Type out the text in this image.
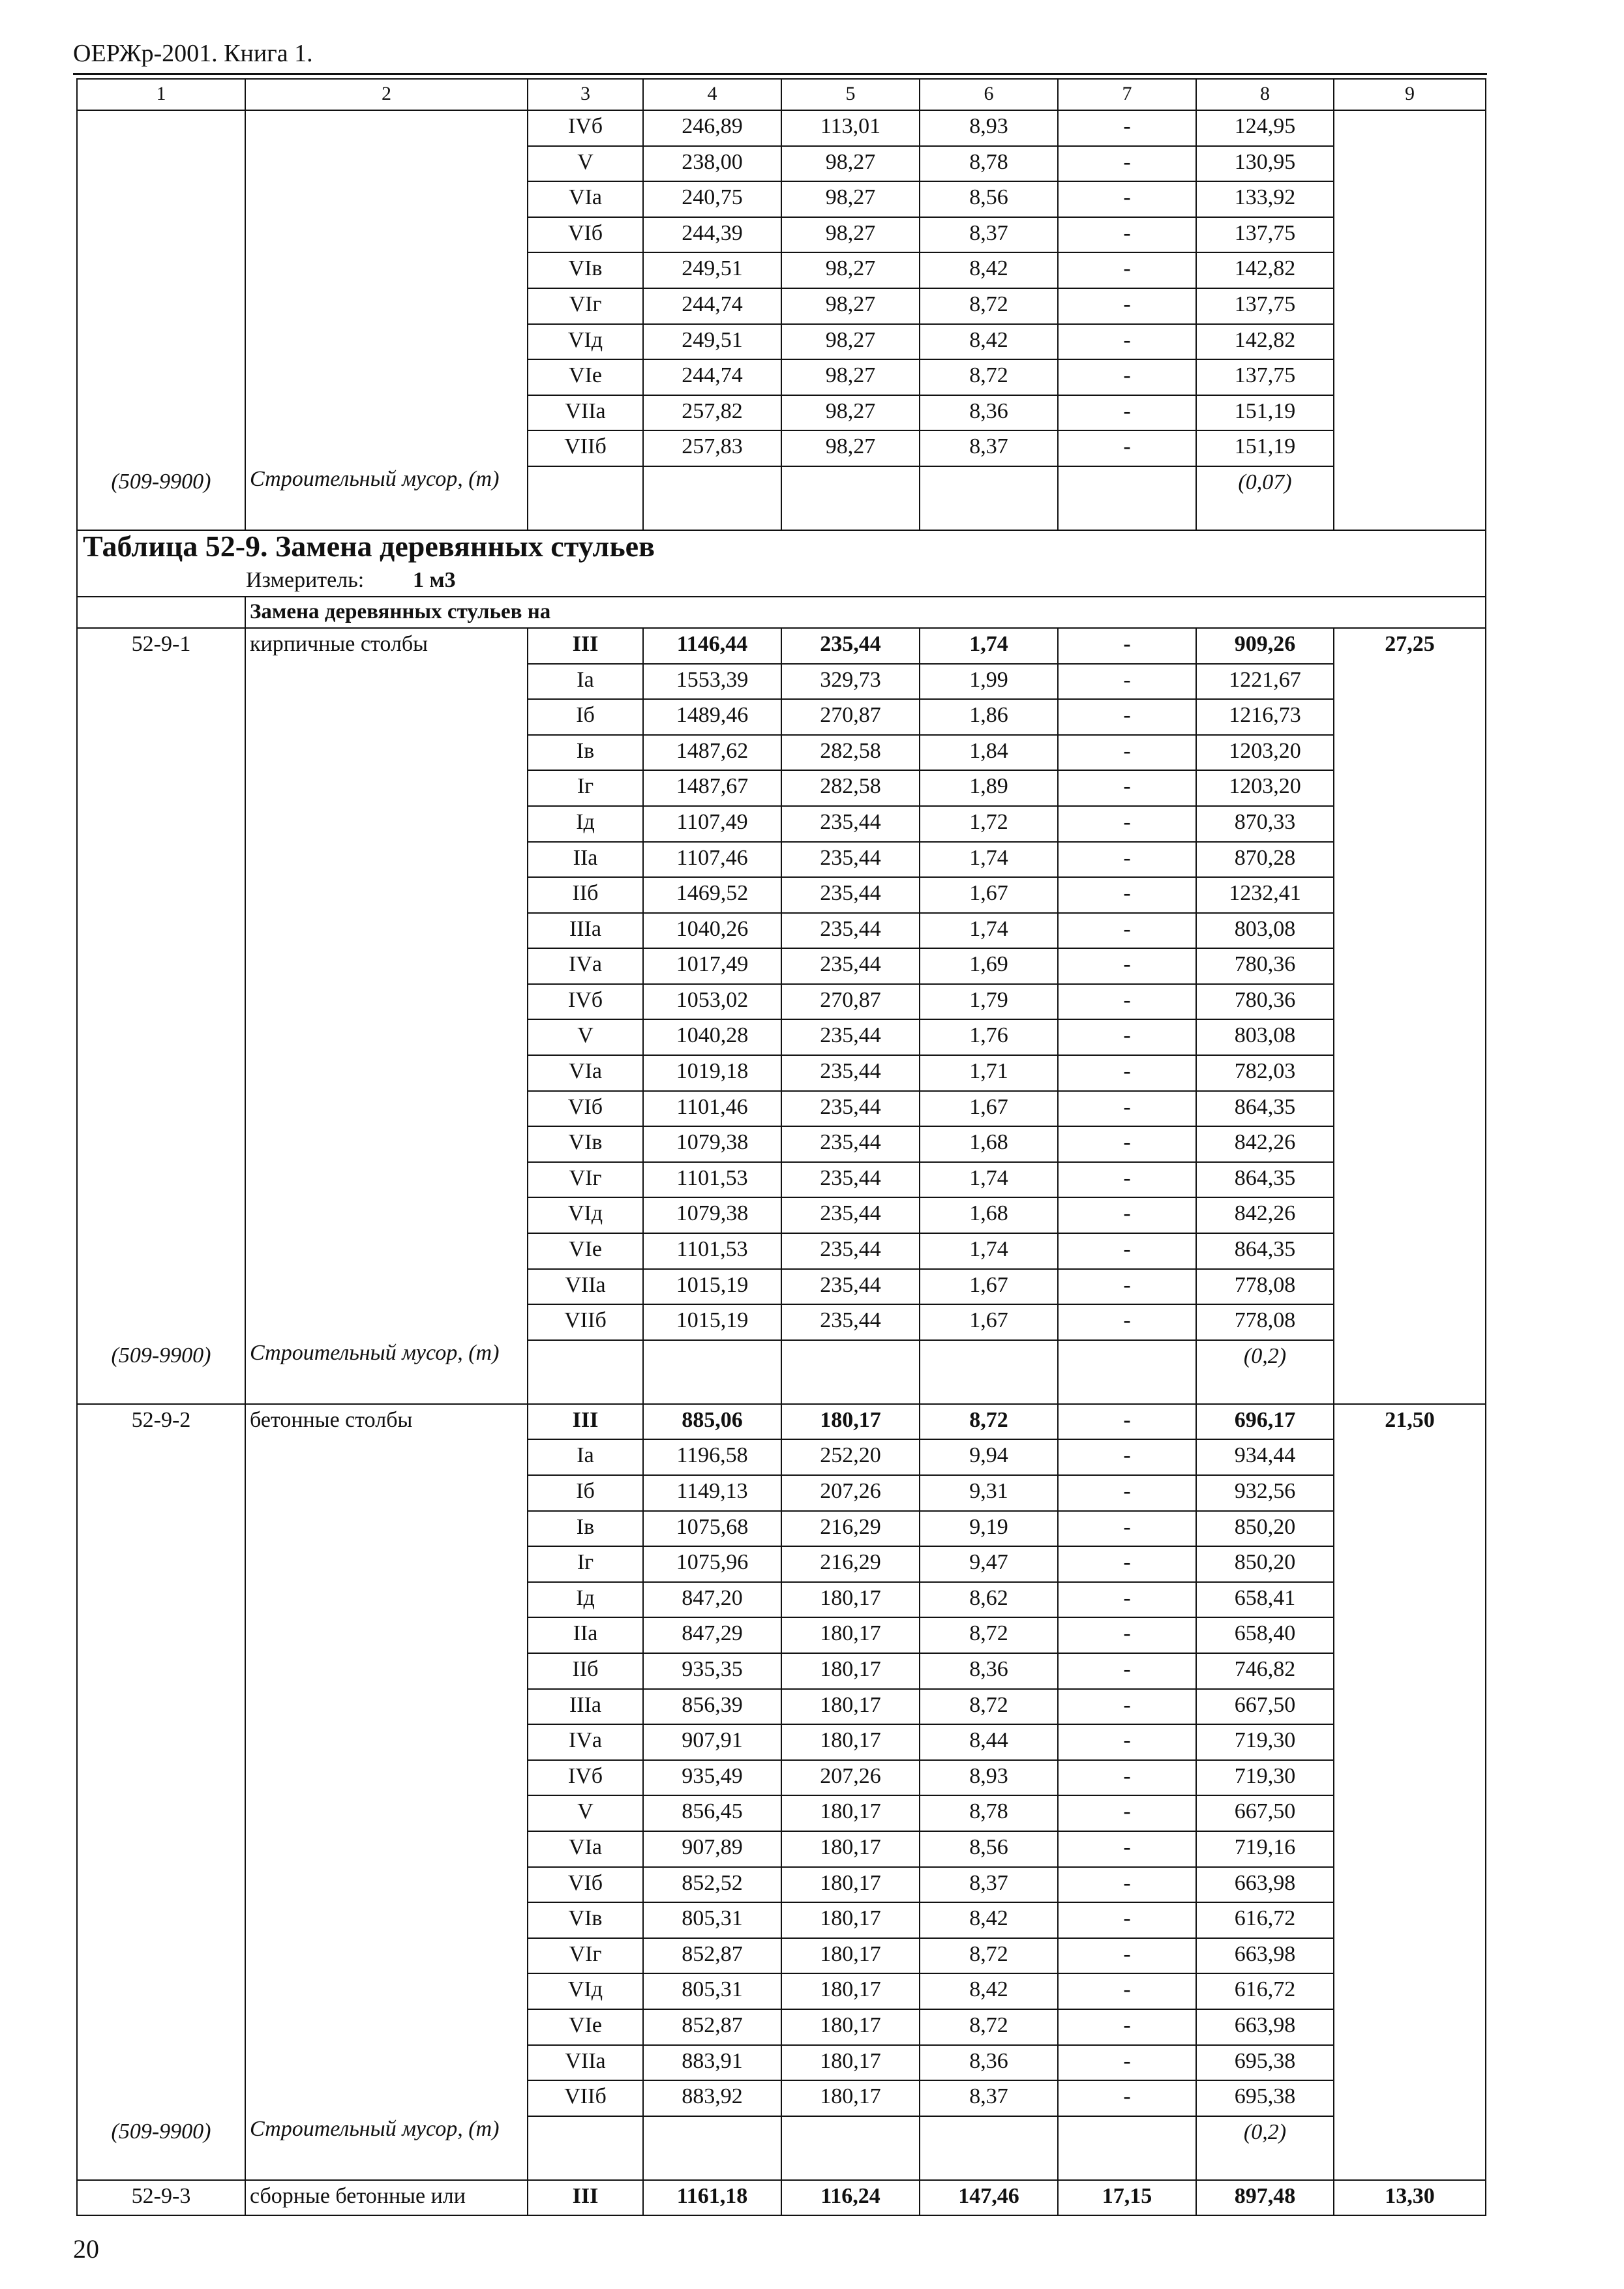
ОЕРЖр-2001. Книга 1.
1	2	3	4	5	6	7	8	9
		IVб	246,89	113,01	8,93	-	124,95	
		V	238,00	98,27	8,78	-	130,95	
		VIа	240,75	98,27	8,56	-	133,92	
		VIб	244,39	98,27	8,37	-	137,75	
		VIв	249,51	98,27	8,42	-	142,82	
		VIг	244,74	98,27	8,72	-	137,75	
		VIд	249,51	98,27	8,42	-	142,82	
		VIе	244,74	98,27	8,72	-	137,75	
		VIIа	257,82	98,27	8,36	-	151,19	
		VIIб	257,83	98,27	8,37	-	151,19	
(509-9900)	Строительный мусор, (т)						(0,07)	
Таблица 52-9. Замена деревянных стульев								
Измеритель: 1 м3								
	Замена деревянных стульев на							
52-9-1	кирпичные столбы	III	1146,44	235,44	1,74	-	909,26	27,25
		Iа	1553,39	329,73	1,99	-	1221,67	
		Iб	1489,46	270,87	1,86	-	1216,73	
		Iв	1487,62	282,58	1,84	-	1203,20	
		Iг	1487,67	282,58	1,89	-	1203,20	
		Iд	1107,49	235,44	1,72	-	870,33	
		IIа	1107,46	235,44	1,74	-	870,28	
		IIб	1469,52	235,44	1,67	-	1232,41	
		IIIа	1040,26	235,44	1,74	-	803,08	
		IVа	1017,49	235,44	1,69	-	780,36	
		IVб	1053,02	270,87	1,79	-	780,36	
		V	1040,28	235,44	1,76	-	803,08	
		VIа	1019,18	235,44	1,71	-	782,03	
		VIб	1101,46	235,44	1,67	-	864,35	
		VIв	1079,38	235,44	1,68	-	842,26	
		VIг	1101,53	235,44	1,74	-	864,35	
		VIд	1079,38	235,44	1,68	-	842,26	
		VIе	1101,53	235,44	1,74	-	864,35	
		VIIа	1015,19	235,44	1,67	-	778,08	
		VIIб	1015,19	235,44	1,67	-	778,08	
(509-9900)	Строительный мусор, (т)						(0,2)	
52-9-2	бетонные столбы	III	885,06	180,17	8,72	-	696,17	21,50
		Iа	1196,58	252,20	9,94	-	934,44	
		Iб	1149,13	207,26	9,31	-	932,56	
		Iв	1075,68	216,29	9,19	-	850,20	
		Iг	1075,96	216,29	9,47	-	850,20	
		Iд	847,20	180,17	8,62	-	658,41	
		IIа	847,29	180,17	8,72	-	658,40	
		IIб	935,35	180,17	8,36	-	746,82	
		IIIа	856,39	180,17	8,72	-	667,50	
		IVа	907,91	180,17	8,44	-	719,30	
		IVб	935,49	207,26	8,93	-	719,30	
		V	856,45	180,17	8,78	-	667,50	
		VIа	907,89	180,17	8,56	-	719,16	
		VIб	852,52	180,17	8,37	-	663,98	
		VIв	805,31	180,17	8,42	-	616,72	
		VIг	852,87	180,17	8,72	-	663,98	
		VIд	805,31	180,17	8,42	-	616,72	
		VIе	852,87	180,17	8,72	-	663,98	
		VIIа	883,91	180,17	8,36	-	695,38	
		VIIб	883,92	180,17	8,37	-	695,38	
(509-9900)	Строительный мусор, (т)						(0,2)	
52-9-3	сборные бетонные или	III	1161,18	116,24	147,46	17,15	897,48	13,30
20
